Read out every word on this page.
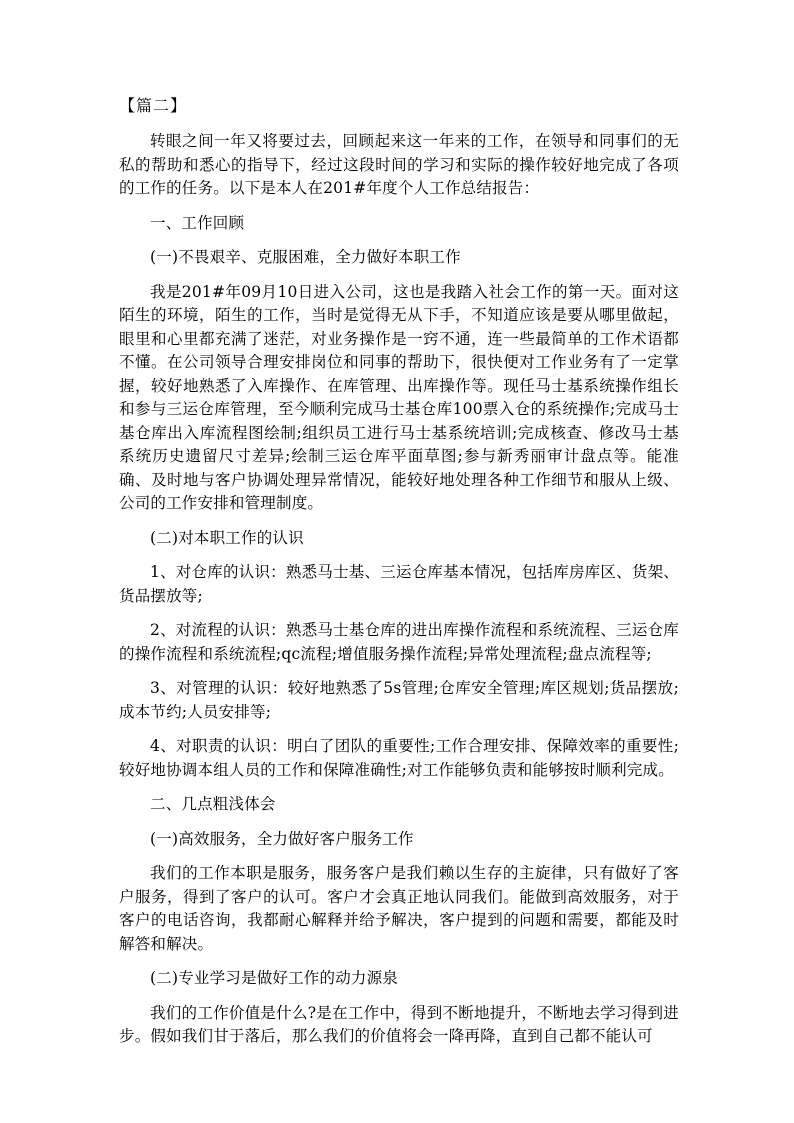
【篇二】

转眼之间一年又将要过去，回顾起来这一年来的工作，在领导和同事们的无私的帮助和悉心的指导下，经过这段时间的学习和实际的操作较好地完成了各项的工作的任务。以下是本人在201#年度个人工作总结报告：

一、工作回顾

(一)不畏艰辛、克服困难，全力做好本职工作

我是201#年09月10日进入公司，这也是我踏入社会工作的第一天。面对这陌生的环境，陌生的工作，当时是觉得无从下手，不知道应该是要从哪里做起，眼里和心里都充满了迷茫，对业务操作是一窍不通，连一些最简单的工作术语都不懂。在公司领导合理安排岗位和同事的帮助下，很快便对工作业务有了一定掌握，较好地熟悉了入库操作、在库管理、出库操作等。现任马士基系统操作组长和参与三运仓库管理，至今顺利完成马士基仓库100票入仓的系统操作;完成马士基仓库出入库流程图绘制;组织员工进行马士基系统培训;完成核查、修改马士基系统历史遗留尺寸差异;绘制三运仓库平面草图;参与新秀丽审计盘点等。能准确、及时地与客户协调处理异常情况，能较好地处理各种工作细节和服从上级、公司的工作安排和管理制度。

(二)对本职工作的认识

1、对仓库的认识：熟悉马士基、三运仓库基本情况，包括库房库区、货架、货品摆放等;

2、对流程的认识：熟悉马士基仓库的进出库操作流程和系统流程、三运仓库的操作流程和系统流程;qc流程;增值服务操作流程;异常处理流程;盘点流程等;

3、对管理的认识：较好地熟悉了5s管理;仓库安全管理;库区规划;货品摆放;成本节约;人员安排等;

4、对职责的认识：明白了团队的重要性;工作合理安排、保障效率的重要性;较好地协调本组人员的工作和保障准确性;对工作能够负责和能够按时顺利完成。

二、几点粗浅体会

(一)高效服务，全力做好客户服务工作

我们的工作本职是服务，服务客户是我们赖以生存的主旋律，只有做好了客户服务，得到了客户的认可。客户才会真正地认同我们。能做到高效服务，对于客户的电话咨询，我都耐心解释并给予解决，客户提到的问题和需要，都能及时解答和解决。

(二)专业学习是做好工作的动力源泉

我们的工作价值是什么?是在工作中，得到不断地提升，不断地去学习得到进步。假如我们甘于落后，那么我们的价值将会一降再降，直到自己都不能认可
